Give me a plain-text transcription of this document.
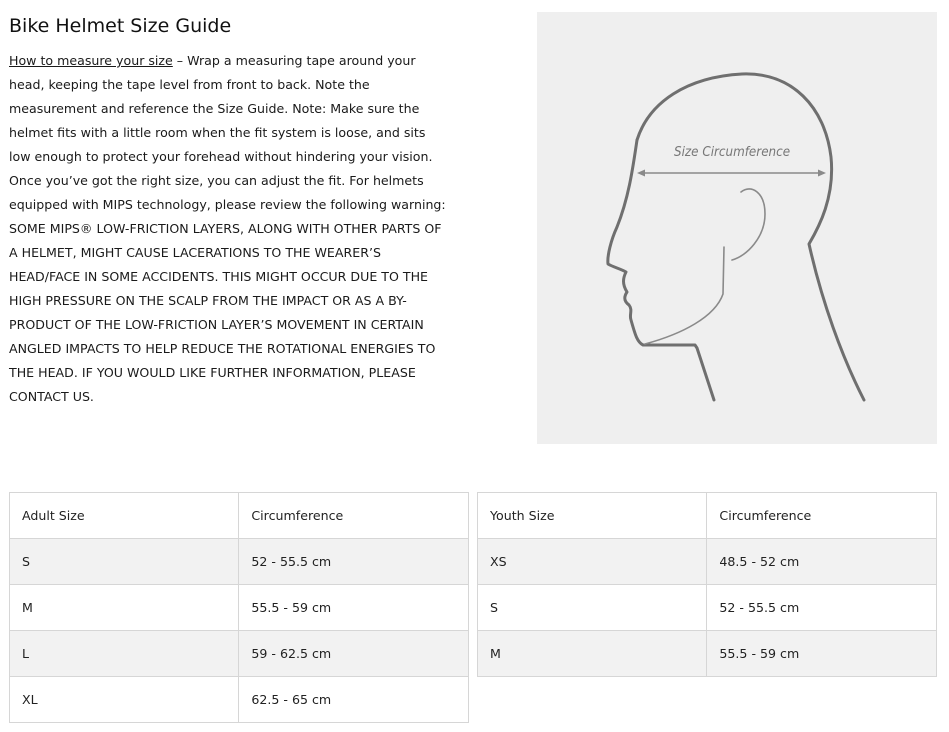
Bike Helmet Size Guide

How to measure your size – Wrap a measuring tape around your head, keeping the tape level from front to back. Note the measurement and reference the Size Guide. Note: Make sure the helmet fits with a little room when the fit system is loose, and sits low enough to protect your forehead without hindering your vision. Once you’ve got the right size, you can adjust the fit. For helmets equipped with MIPS technology, please review the following warning: SOME MIPS® LOW-FRICTION LAYERS, ALONG WITH OTHER PARTS OF A HELMET, MIGHT CAUSE LACERATIONS TO THE WEARER’S HEAD/FACE IN SOME ACCIDENTS. THIS MIGHT OCCUR DUE TO THE HIGH PRESSURE ON THE SCALP FROM THE IMPACT OR AS A BY-PRODUCT OF THE LOW-FRICTION LAYER’S MOVEMENT IN CERTAIN ANGLED IMPACTS TO HELP REDUCE THE ROTATIONAL ENERGIES TO THE HEAD. IF YOU WOULD LIKE FURTHER INFORMATION, PLEASE CONTACT US.

Size Circumference
Adult Size	Circumference
S	52 - 55.5 cm
M	55.5 - 59 cm
L	59 - 62.5 cm
XL	62.5 - 65 cm
Youth Size	Circumference
XS	48.5 - 52 cm
S	52 - 55.5 cm
M	55.5 - 59 cm
